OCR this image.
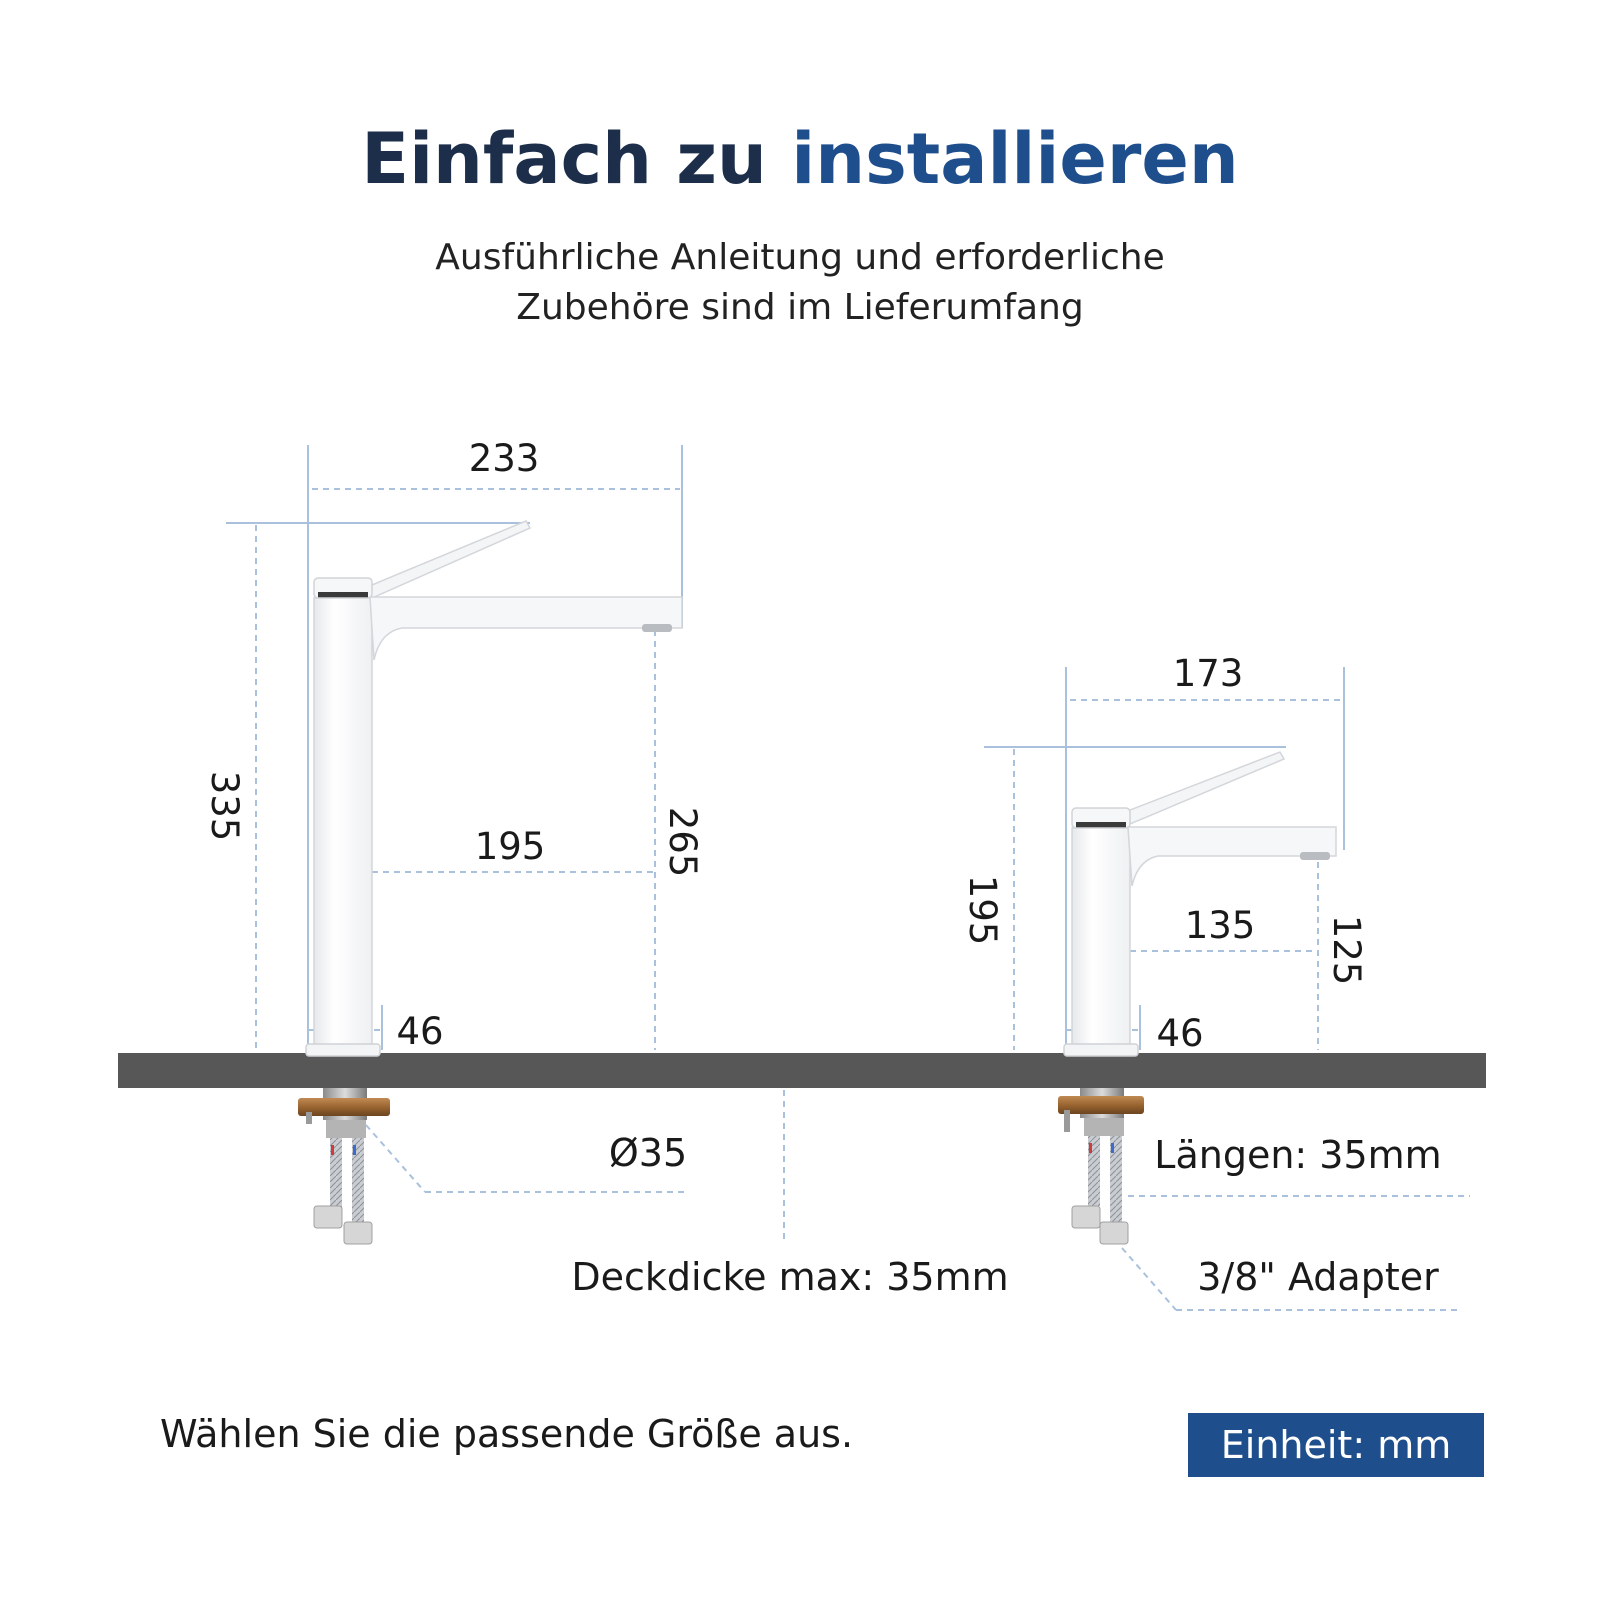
Einfach zu installieren

Ausführliche Anleitung und erforderliche

Zubehöre sind im Lieferumfang

233
335
195	265
46
Ø35
173
195	135 125
46
Deckdicke max: 35mm
Längen: 35mm
3/8" Adapter

Wählen Sie die passende Größe aus.	Einheit: mm
